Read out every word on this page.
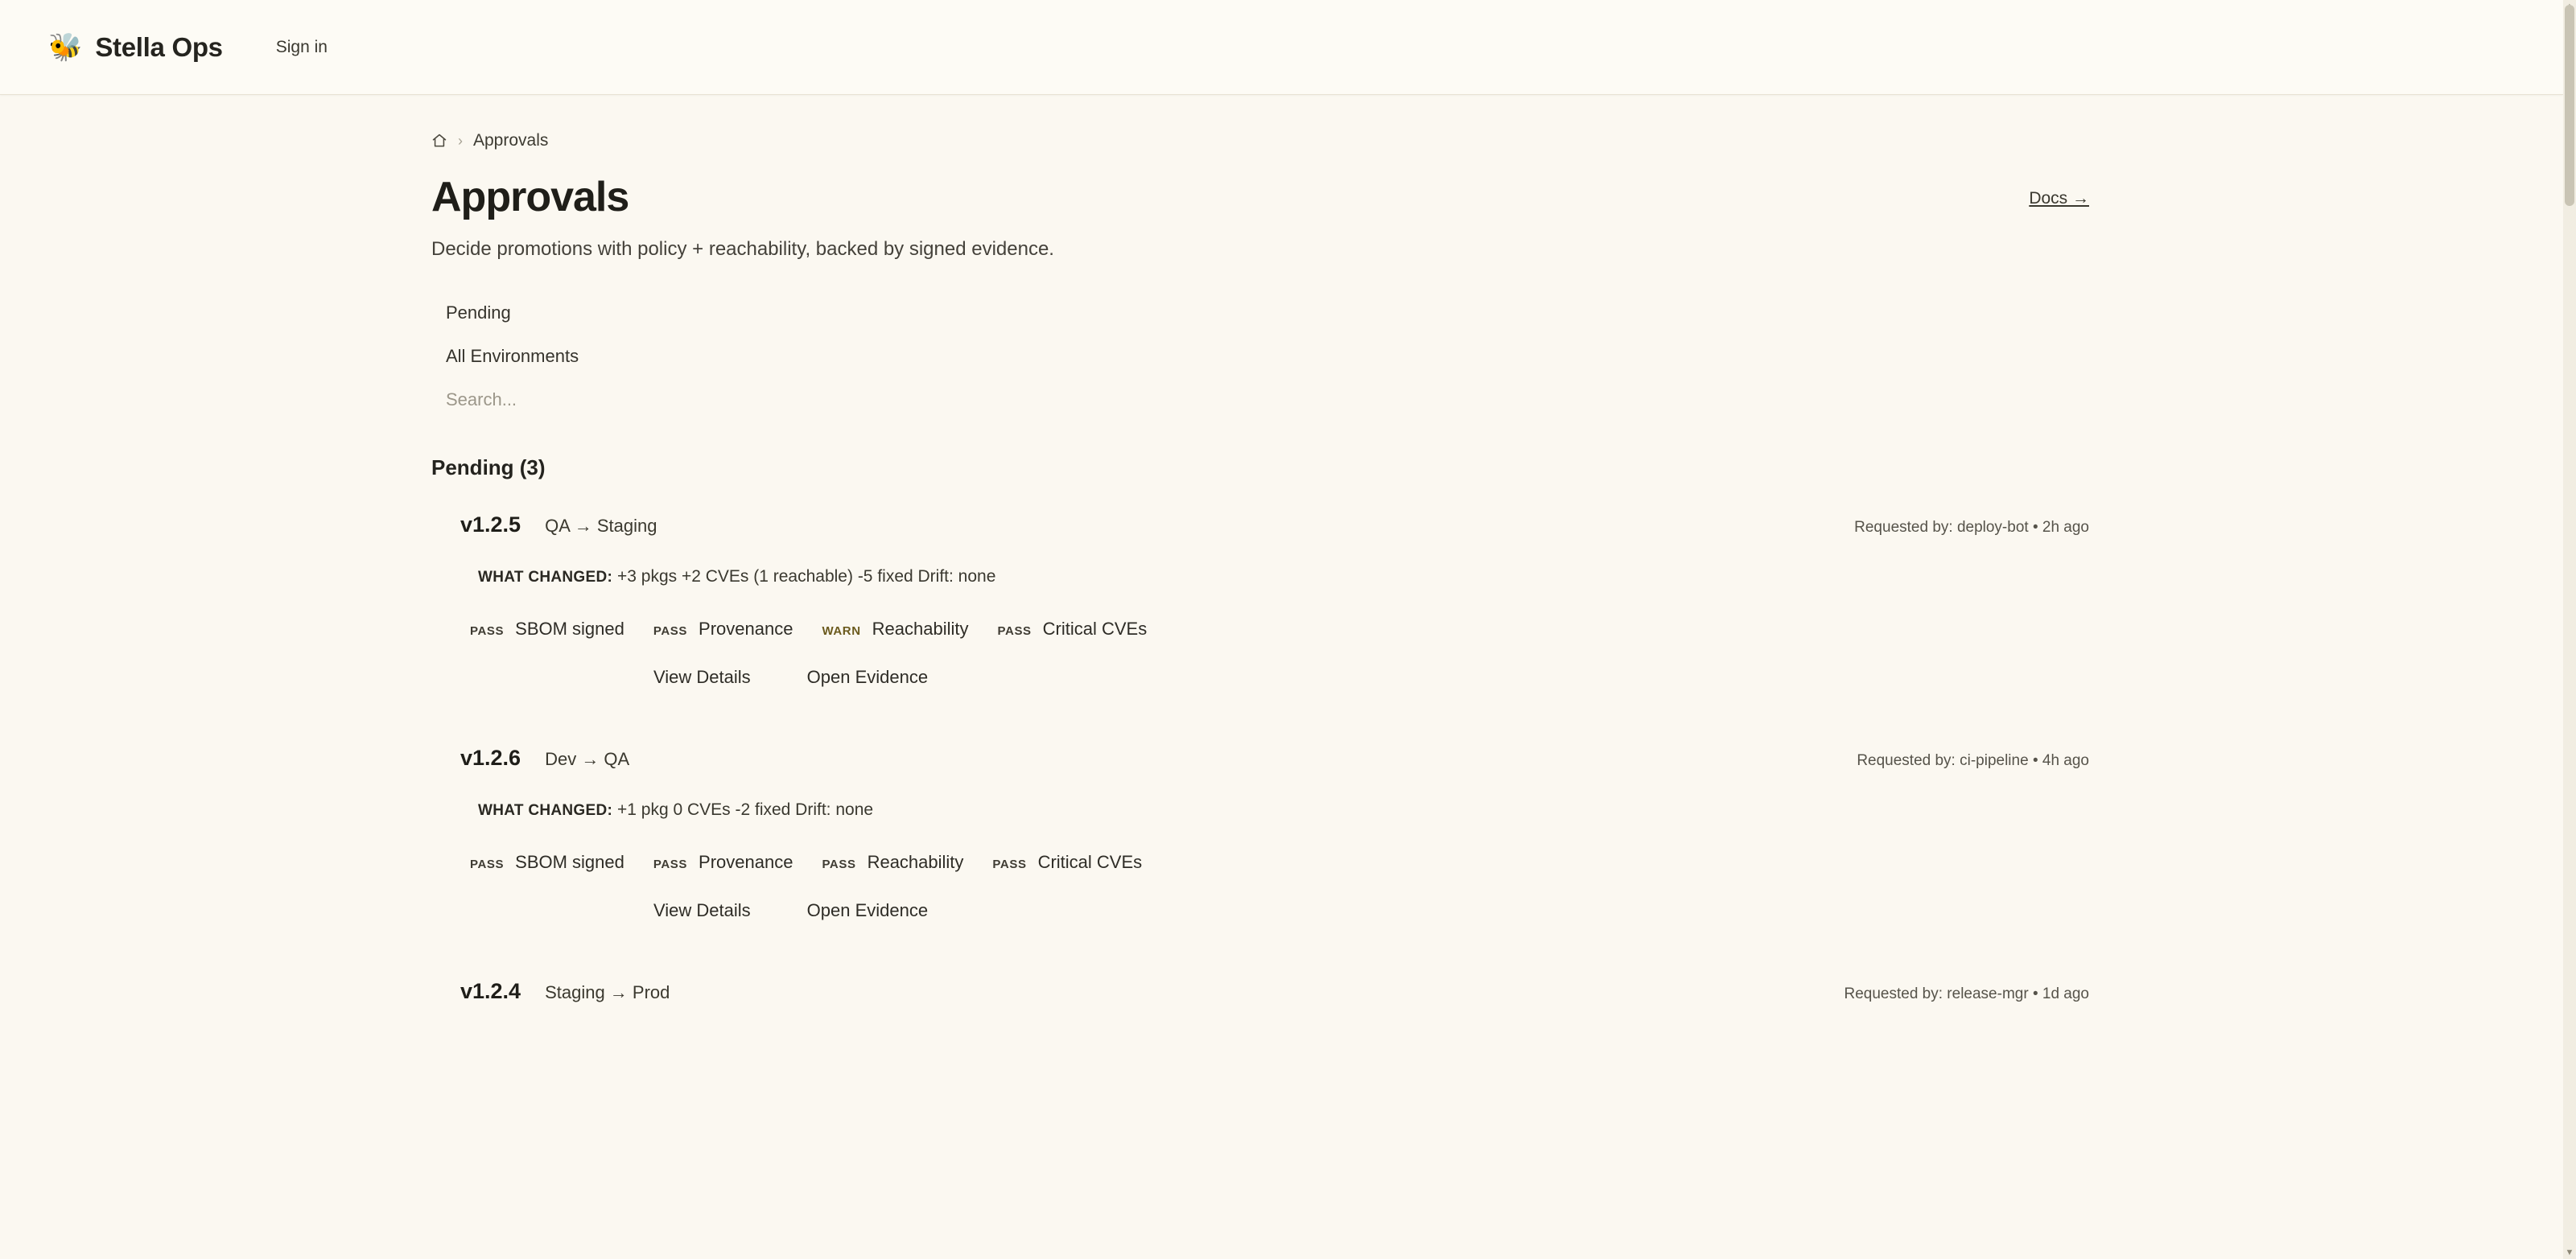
🐝 Stella Ops	Sign in
› Approvals
Approvals	Docs →
Decide promotions with policy + reachability, backed by signed evidence.
Pending
All Environments
Search...
Pending (3)
v1.2.5 QA → Staging	Requested by: deploy-bot • 2h ago
WHAT CHANGED: +3 pkgs +2 CVEs (1 reachable) -5 fixed Drift: none
PASS SBOM signed PASS Provenance WARN Reachability PASS Critical CVEs
View Details	Open Evidence
v1.2.6 Dev → QA	Requested by: ci-pipeline • 4h ago
WHAT CHANGED: +1 pkg 0 CVEs -2 fixed Drift: none
PASS SBOM signed PASS Provenance PASS Reachability PASS Critical CVEs
View Details	Open Evidence
v1.2.4 Staging → Prod	Requested by: release-mgr • 1d ago
▼
